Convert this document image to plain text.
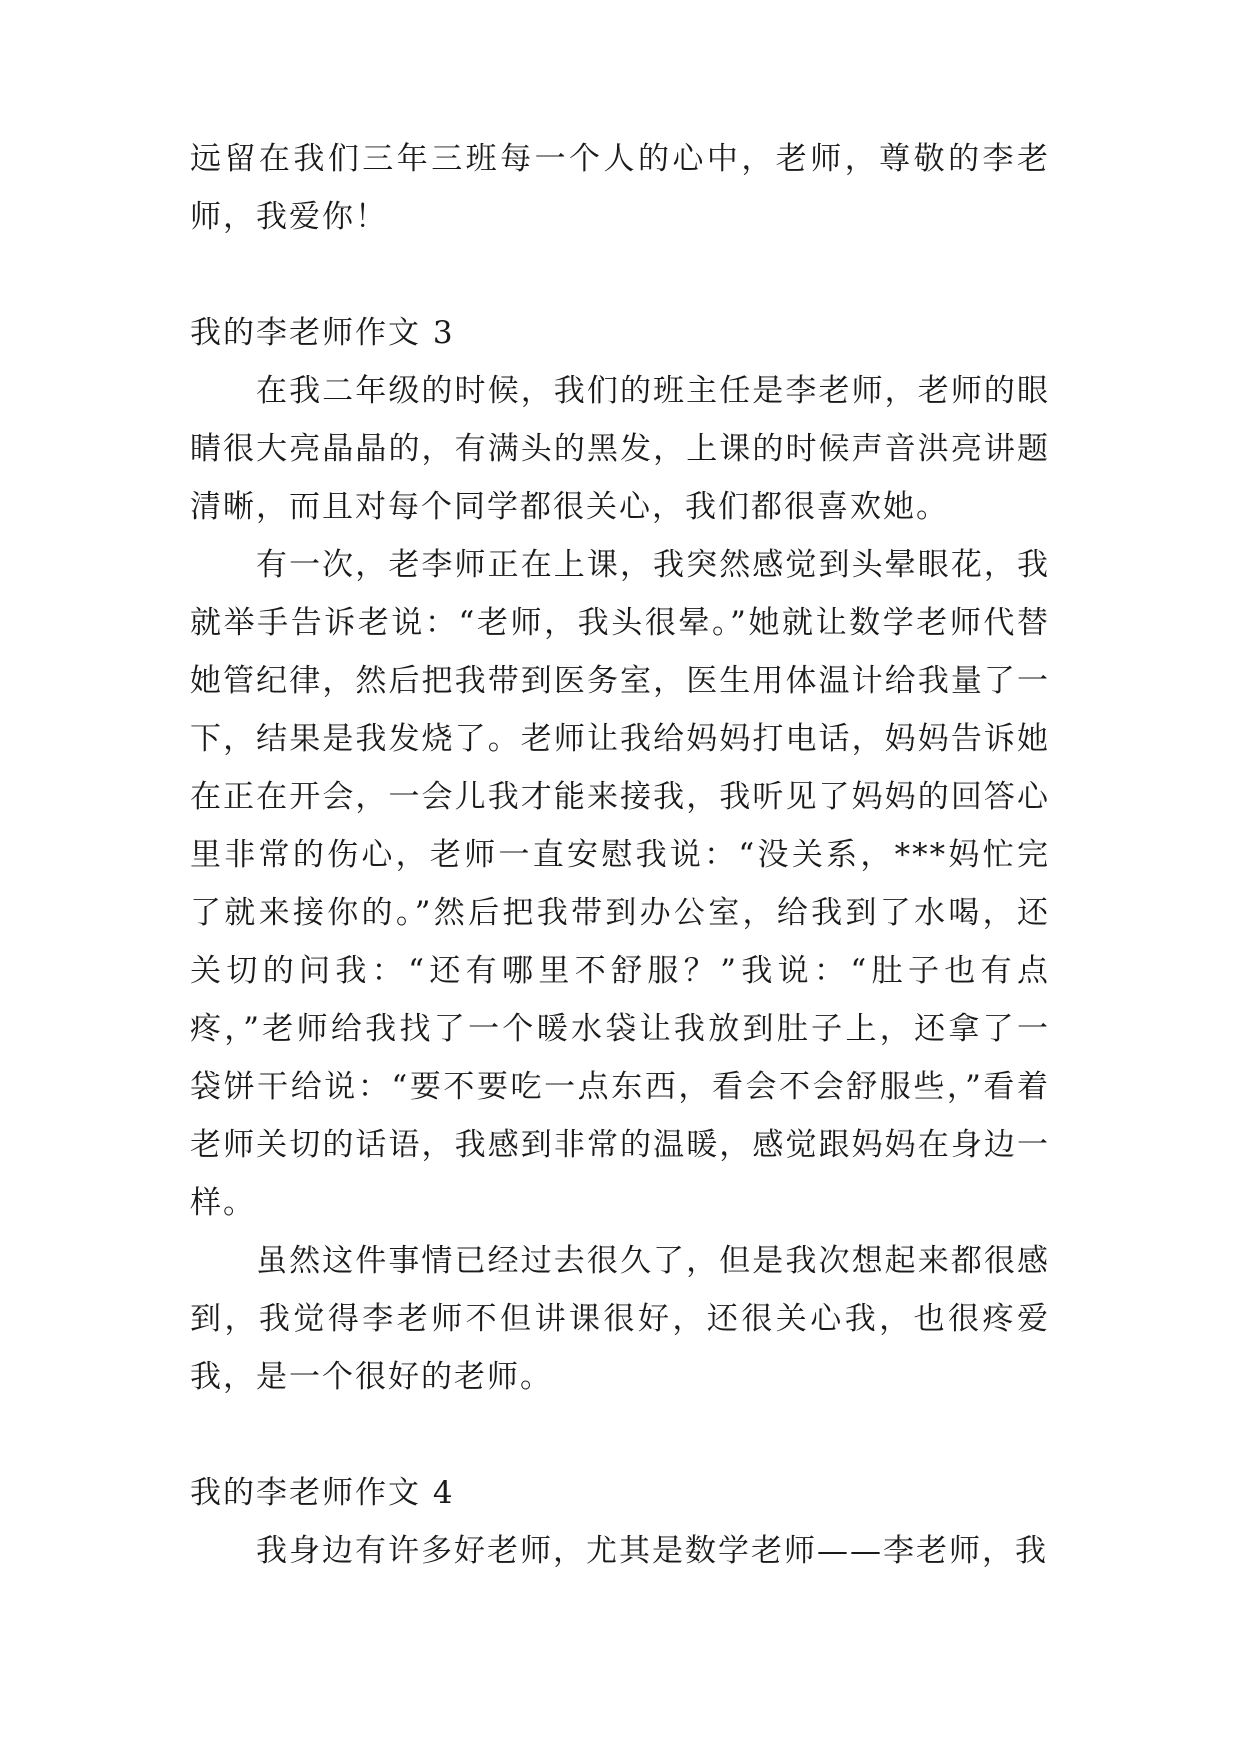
远留在我们三年三班每一个人的心中，老师，尊敬的李老师，我爱你！

我的李老师作文 3

在我二年级的时候，我们的班主任是李老师，老师的眼睛很大亮晶晶的，有满头的黑发，上课的时候声音洪亮讲题清晰，而且对每个同学都很关心，我们都很喜欢她。

有一次，老李师正在上课，我突然感觉到头晕眼花，我就举手告诉老说：“老师，我头很晕。”她就让数学老师代替她管纪律，然后把我带到医务室，医生用体温计给我量了一下，结果是我发烧了。老师让我给妈妈打电话，妈妈告诉她在正在开会，一会儿我才能来接我，我听见了妈妈的回答心里非常的伤心，老师一直安慰我说：“没关系，***妈忙完了就来接你的。”然后把我带到办公室，给我到了水喝，还关切的问我：“还有哪里不舒服？”我说：“肚子也有点疼，”老师给我找了一个暖水袋让我放到肚子上，还拿了一袋饼干给说：“要不要吃一点东西，看会不会舒服些，”看着老师关切的话语，我感到非常的温暖，感觉跟妈妈在身边一样。

虽然这件事情已经过去很久了，但是我次想起来都很感到，我觉得李老师不但讲课很好，还很关心我，也很疼爱我，是一个很好的老师。

我的李老师作文 4

我身边有许多好老师，尤其是数学老师——李老师，我
